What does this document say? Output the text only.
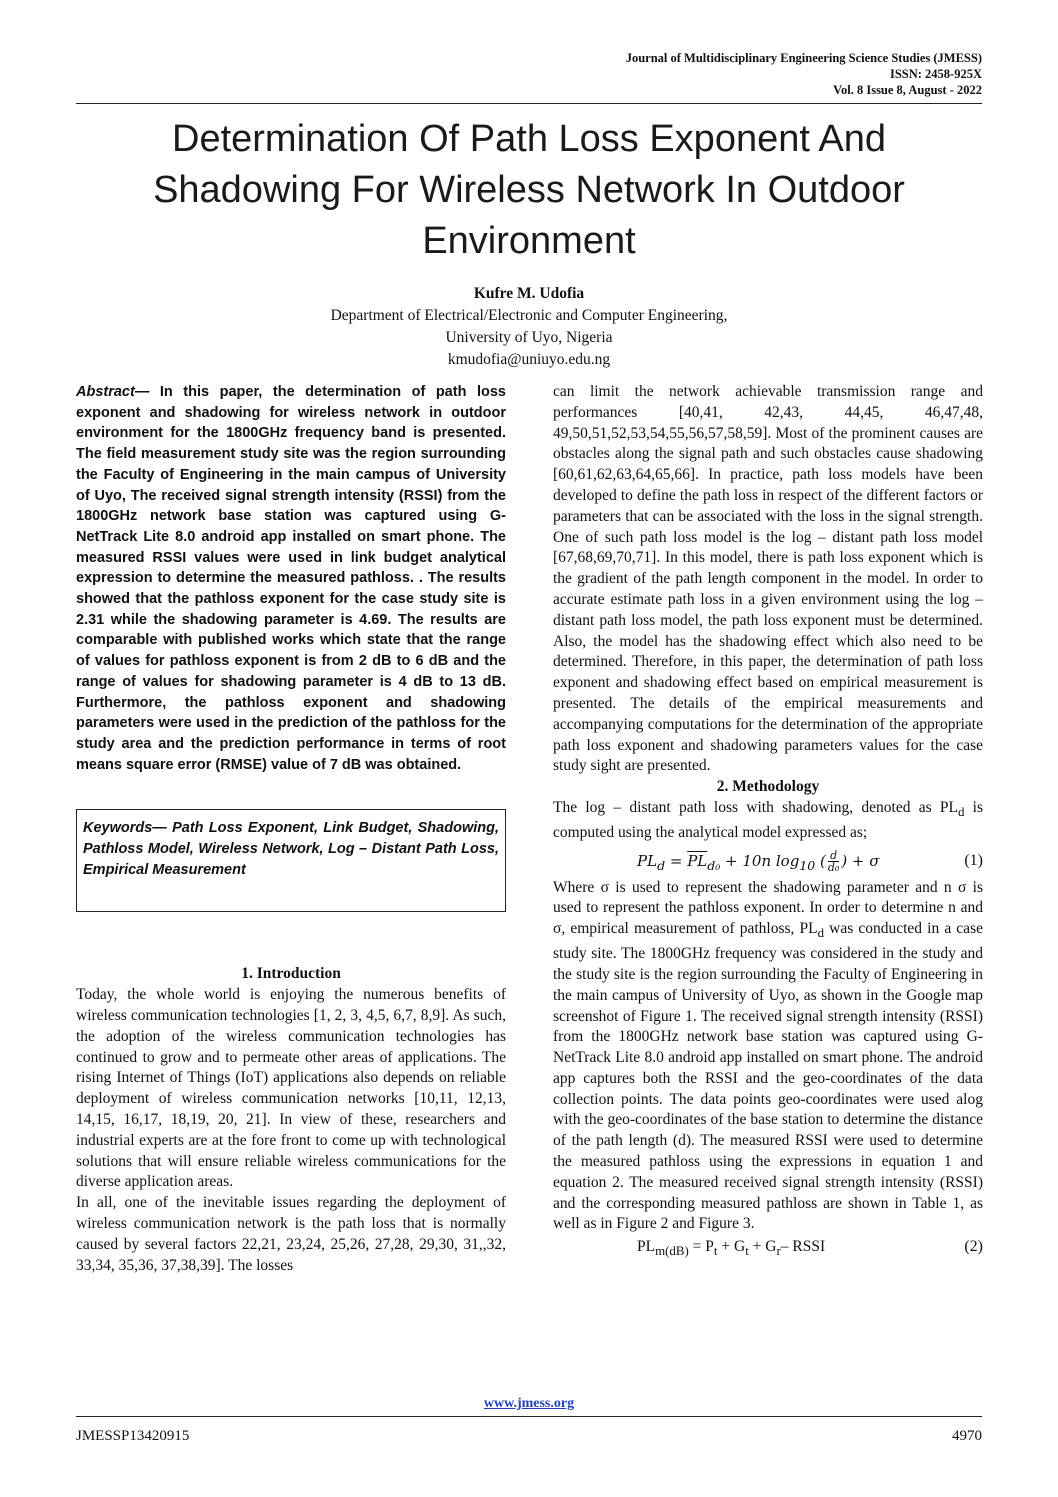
Journal of Multidisciplinary Engineering Science Studies (JMESS)
ISSN: 2458-925X
Vol. 8 Issue 8, August - 2022
Determination Of Path Loss Exponent And Shadowing For Wireless Network In Outdoor Environment
Kufre M. Udofia
Department of Electrical/Electronic and Computer Engineering,
University of Uyo, Nigeria
kmudofia@uniuyo.edu.ng

Abstract— In this paper, the determination of path loss exponent and shadowing for wireless network in outdoor environment for the 1800GHz frequency band is presented. The field measurement study site was the region surrounding the Faculty of Engineering in the main campus of University of Uyo, The received signal strength intensity (RSSI) from the 1800GHz network base station was captured using G-NetTrack Lite 8.0 android app installed on smart phone. The measured RSSI values were used in link budget analytical expression to determine the measured pathloss. . The results showed that the pathloss exponent for the case study site is 2.31 while the shadowing parameter is 4.69. The results are comparable with published works which state that the range of values for pathloss exponent is from 2 dB to 6 dB and the range of values for shadowing parameter is 4 dB to 13 dB. Furthermore, the pathloss exponent and shadowing parameters were used in the prediction of the pathloss for the study area and the prediction performance in terms of root means square error (RMSE) value of 7 dB was obtained.

Keywords— Path Loss Exponent, Link Budget, Shadowing, Pathloss Model, Wireless Network, Log – Distant Path Loss, Empirical Measurement

1. Introduction

Today, the whole world is enjoying the numerous benefits of wireless communication technologies [1, 2, 3, 4,5, 6,7, 8,9]. As such, the adoption of the wireless communication technologies has continued to grow and to permeate other areas of applications. The rising Internet of Things (IoT) applications also depends on reliable deployment of wireless communication networks [10,11, 12,13, 14,15, 16,17, 18,19, 20, 21]. In view of these, researchers and industrial experts are at the fore front to come up with technological solutions that will ensure reliable wireless communications for the diverse application areas.

In all, one of the inevitable issues regarding the deployment of wireless communication network is the path loss that is normally caused by several factors 22,21, 23,24, 25,26, 27,28, 29,30, 31,,32, 33,34, 35,36, 37,38,39]. The losses

can limit the network achievable transmission range and performances [40,41, 42,43, 44,45, 46,47,48, 49,50,51,52,53,54,55,56,57,58,59]. Most of the prominent causes are obstacles along the signal path and such obstacles cause shadowing [60,61,62,63,64,65,66]. In practice, path loss models have been developed to define the path loss in respect of the different factors or parameters that can be associated with the loss in the signal strength. One of such path loss model is the log – distant path loss model [67,68,69,70,71]. In this model, there is path loss exponent which is the gradient of the path length component in the model. In order to accurate estimate path loss in a given environment using the log – distant path loss model, the path loss exponent must be determined. Also, the model has the shadowing effect which also need to be determined. Therefore, in this paper, the determination of path loss exponent and shadowing effect based on empirical measurement is presented. The details of the empirical measurements and accompanying computations for the determination of the appropriate path loss exponent and shadowing parameters values for the case study sight are presented.

2. Methodology

The log – distant path loss with shadowing, denoted as $PL_d$ is computed using the analytical model expressed as;

$PL_d = \overline{PL}_{d_0} + 10n$ $\log_{10}$ ( $\frac{d}{\text{d₀}}$ ) + σ	(1)

Where σ is used to represent the shadowing parameter and n σ is used to represent the pathloss exponent. In order to determine n and σ, empirical measurement of pathloss, $PL_d$ was conducted in a case study site. The 1800GHz frequency was considered in the study and the study site is the region surrounding the Faculty of Engineering in the main campus of University of Uyo, as shown in the Google map screenshot of Figure 1. The received signal strength intensity (RSSI) from the 1800GHz network base station was captured using G-NetTrack Lite 8.0 android app installed on smart phone. The android app captures both the RSSI and the geo-coordinates of the data collection points. The data points geo-coordinates were used alog with the geo-coordinates of the base station to determine the distance of the path length (d). The measured RSSI were used to determine the measured pathloss using the expressions in equation 1 and equation 2. The measured received signal strength intensity (RSSI) and the corresponding measured pathloss are shown in Table 1, as well as in Figure 2 and Figure 3.

$PL_{m(dB)} = P_t + G_t + G_r-$ RSSI	(2)
www.jmess.org
JMESSP13420915	4970
